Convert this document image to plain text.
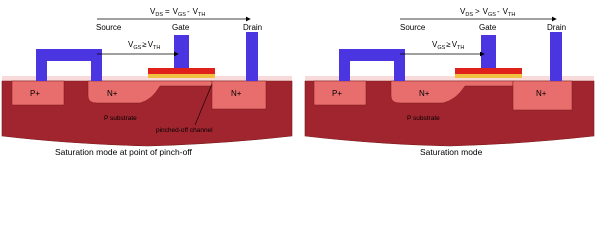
$V_{DS} = V_{GS}-$ $V_{TH}$
$V_{GS}\ge V_{TH}$
Source	Gate	Drain
P+	N+	N+
P substrate
pinched-off channel
Saturation mode at point of pinch-off
$V_{DS} > V_{GS}-$ $V_{TH}$
$V_{GS}\ge V_{TH}$
Source	Gate	Drain
P+	N+	N+
P substrate
Saturation mode
